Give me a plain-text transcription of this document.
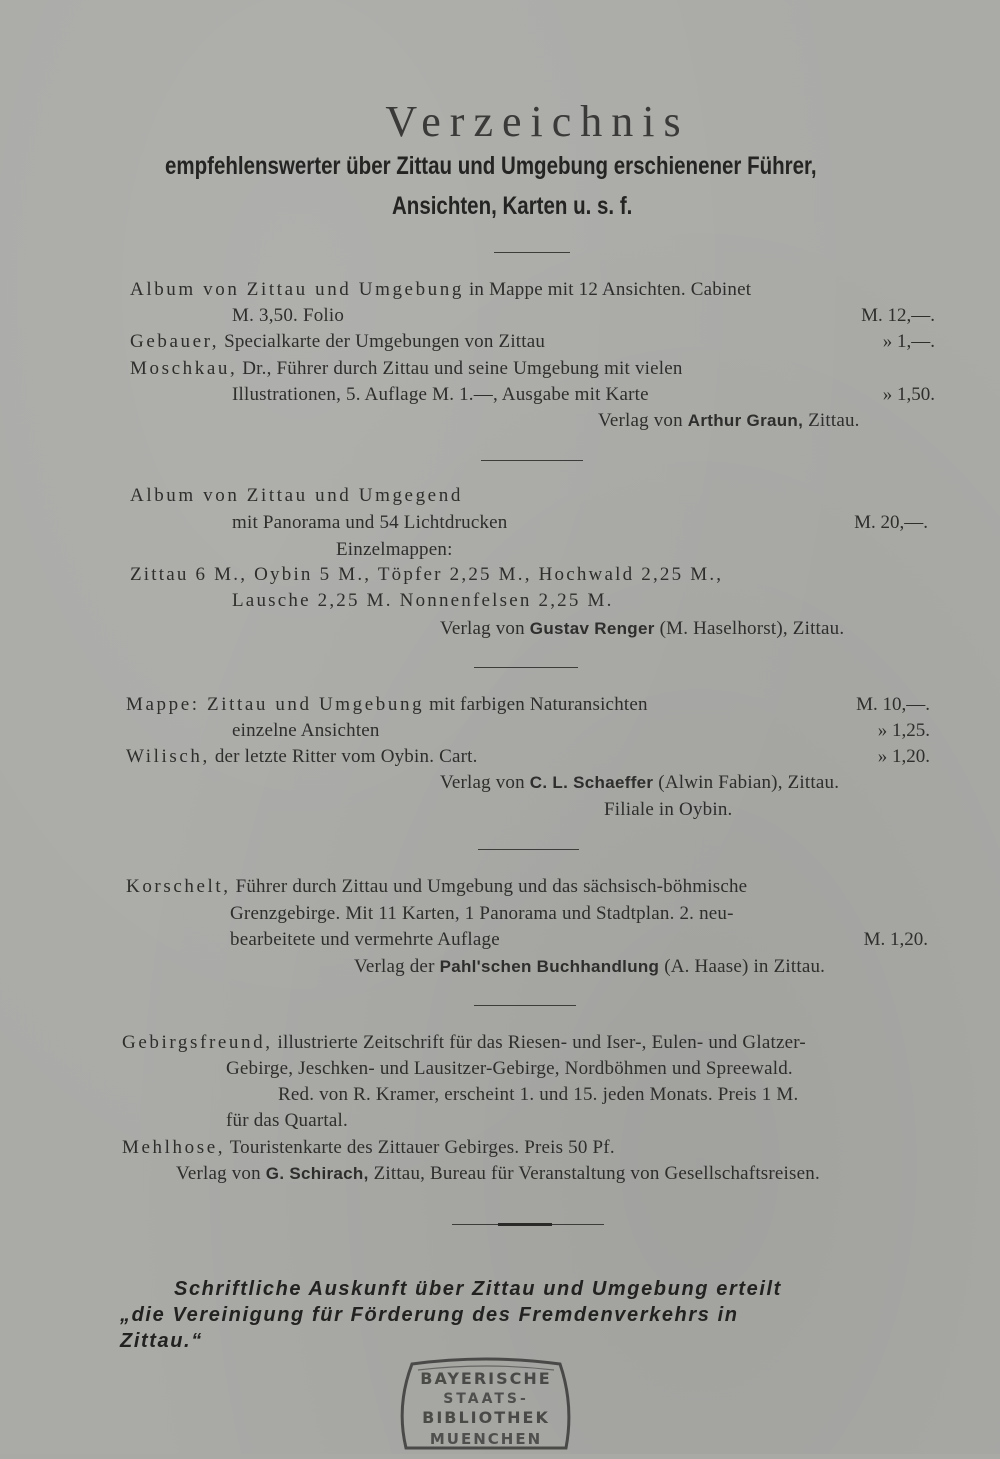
Verzeichnis
empfehlenswerter über Zittau und Umgebung erschienener Führer,
Ansichten, Karten u. s. f.
Album von Zittau und Umgebung in Mappe mit 12 Ansichten. Cabinet
M. 3,50. Folio	M. 12,—.
Gebauer, Specialkarte der Umgebungen von Zittau	» 1,—.
Moschkau, Dr., Führer durch Zittau und seine Umgebung mit vielen
Illustrationen, 5. Auflage M. 1.—, Ausgabe mit Karte	» 1,50.
Verlag von Arthur Graun, Zittau.
Album von Zittau und Umgegend
mit Panorama und 54 Lichtdrucken	M. 20,—.
Einzelmappen:
Zittau 6 M., Oybin 5 M., Töpfer 2,25 M., Hochwald 2,25 M.,
Lausche 2,25 M. Nonnenfelsen 2,25 M.
Verlag von Gustav Renger (M. Haselhorst), Zittau.
Mappe: Zittau und Umgebung mit farbigen Naturansichten	M. 10,—.
einzelne Ansichten	» 1,25.
Wilisch, der letzte Ritter vom Oybin. Cart.	» 1,20.
Verlag von C. L. Schaeffer (Alwin Fabian), Zittau.
Filiale in Oybin.
Korschelt, Führer durch Zittau und Umgebung und das sächsisch-böhmische
Grenzgebirge. Mit 11 Karten, 1 Panorama und Stadtplan. 2. neu-
bearbeitete und vermehrte Auflage	M. 1,20.
Verlag der Pahl'schen Buchhandlung (A. Haase) in Zittau.
Gebirgsfreund, illustrierte Zeitschrift für das Riesen- und Iser-, Eulen- und Glatzer-
Gebirge, Jeschken- und Lausitzer-Gebirge, Nordböhmen und Spreewald.
Red. von R. Kramer, erscheint 1. und 15. jeden Monats. Preis 1 M.
für das Quartal.
Mehlhose, Touristenkarte des Zittauer Gebirges. Preis 50 Pf.
Verlag von G. Schirach, Zittau, Bureau für Veranstaltung von Gesellschaftsreisen.
Schriftliche Auskunft über Zittau und Umgebung erteilt
„die Vereinigung für Förderung des Fremdenverkehrs in
Zittau.“
BAYERISCHE
STAATS-
BIBLIOTHEK
MUENCHEN
